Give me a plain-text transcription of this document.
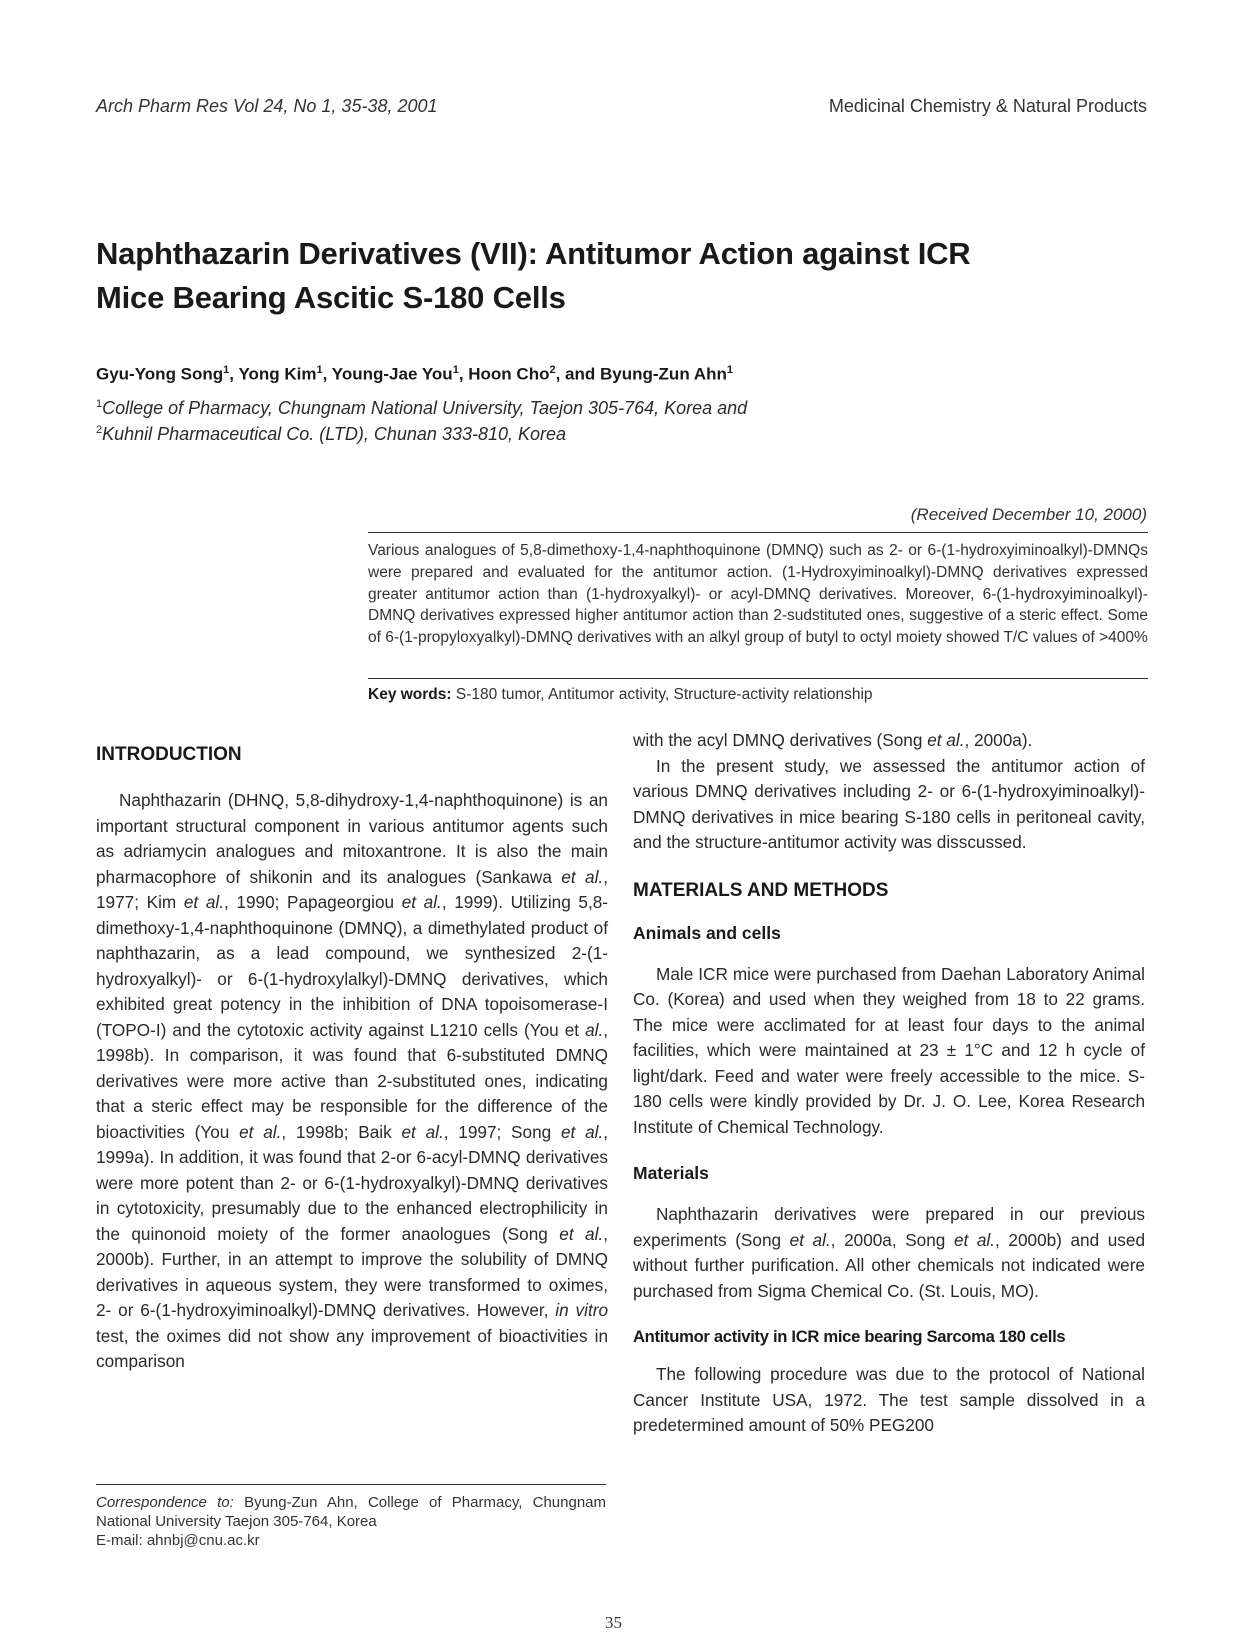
Arch Pharm Res Vol 24, No 1, 35-38, 2001	Medicinal Chemistry & Natural Products
Naphthazarin Derivatives (VII): Antitumor Action against ICR
Mice Bearing Ascitic S-180 Cells
Gyu-Yong Song$^1$, Yong Kim$^1$, Young-Jae You$^1$, Hoon Cho$^2$, and Byung-Zun Ahn$^1$
$^1$College of Pharmacy, Chungnam National University, Taejon 305-764, Korea and
$^2$Kuhnil Pharmaceutical Co. (LTD), Chunan 333-810, Korea
(Received December 10, 2000)
Various analogues of 5,8-dimethoxy-1,4-naphthoquinone (DMNQ) such as 2- or 6-(1-hydroxyiminoalkyl)-DMNQs were prepared and evaluated for the antitumor action. (1-Hydroxyiminoalkyl)-DMNQ derivatives expressed greater antitumor action than (1-hydroxyalkyl)- or acyl-DMNQ derivatives. Moreover, 6-(1-hydroxyiminoalkyl)-DMNQ derivatives expressed higher antitumor action than 2-sudstituted ones, suggestive of a steric effect. Some of 6-(1-propyloxyalkyl)-DMNQ derivatives with an alkyl group of butyl to octyl moiety showed T/C values of >400%
Key words: S-180 tumor, Antitumor activity, Structure-activity relationship
INTRODUCTION

Naphthazarin (DHNQ, 5,8-dihydroxy-1,4-naphthoquinone) is an important structural component in various antitumor agents such as adriamycin analogues and mitoxantrone. It is also the main pharmacophore of shikonin and its analogues (Sankawa et al., 1977; Kim et al., 1990; Papageorgiou et al., 1999). Utilizing 5,8-dimethoxy-1,4-naphthoquinone (DMNQ), a dimethylated product of naphthazarin, as a lead compound, we synthesized 2-(1-hydroxyalkyl)- or 6-(1-hydroxylalkyl)-DMNQ derivatives, which exhibited great potency in the inhibition of DNA topoisomerase-I (TOPO-I) and the cytotoxic activity against L1210 cells (You et al., 1998b). In comparison, it was found that 6-substituted DMNQ derivatives were more active than 2-substituted ones, indicating that a steric effect may be responsible for the difference of the bioactivities (You et al., 1998b; Baik et al., 1997; Song et al., 1999a). In addition, it was found that 2-or 6-acyl-DMNQ derivatives were more potent than 2- or 6-(1-hydroxyalkyl)-DMNQ derivatives in cytotoxicity, presumably due to the enhanced electrophilicity in the quinonoid moiety of the former anaologues (Song et al., 2000b). Further, in an attempt to improve the solubility of DMNQ derivatives in aqueous system, they were transformed to oximes, 2- or 6-(1-hydroxyiminoalkyl)-DMNQ derivatives. However, in vitro test, the oximes did not show any improvement of bioactivities in comparison

with the acyl DMNQ derivatives (Song et al., 2000a).

In the present study, we assessed the antitumor action of various DMNQ derivatives including 2- or 6-(1-hydroxyiminoalkyl)-DMNQ derivatives in mice bearing S-180 cells in peritoneal cavity, and the structure-antitumor activity was disscussed.

MATERIALS AND METHODS
Animals and cells

Male ICR mice were purchased from Daehan Laboratory Animal Co. (Korea) and used when they weighed from 18 to 22 grams. The mice were acclimated for at least four days to the animal facilities, which were maintained at 23 ± 1°C and 12 h cycle of light/dark. Feed and water were freely accessible to the mice. S-180 cells were kindly provided by Dr. J. O. Lee, Korea Research Institute of Chemical Technology.

Materials

Naphthazarin derivatives were prepared in our previous experiments (Song et al., 2000a, Song et al., 2000b) and used without further purification. All other chemicals not indicated were purchased from Sigma Chemical Co. (St. Louis, MO).

Antitumor activity in ICR mice bearing Sarcoma 180 cells

The following procedure was due to the protocol of National Cancer Institute USA, 1972. The test sample dissolved in a predetermined amount of 50% PEG200

Correspondence to: Byung-Zun Ahn, College of Pharmacy, Chungnam National University Taejon 305-764, Korea
E-mail: ahnbj@cnu.ac.kr
35
